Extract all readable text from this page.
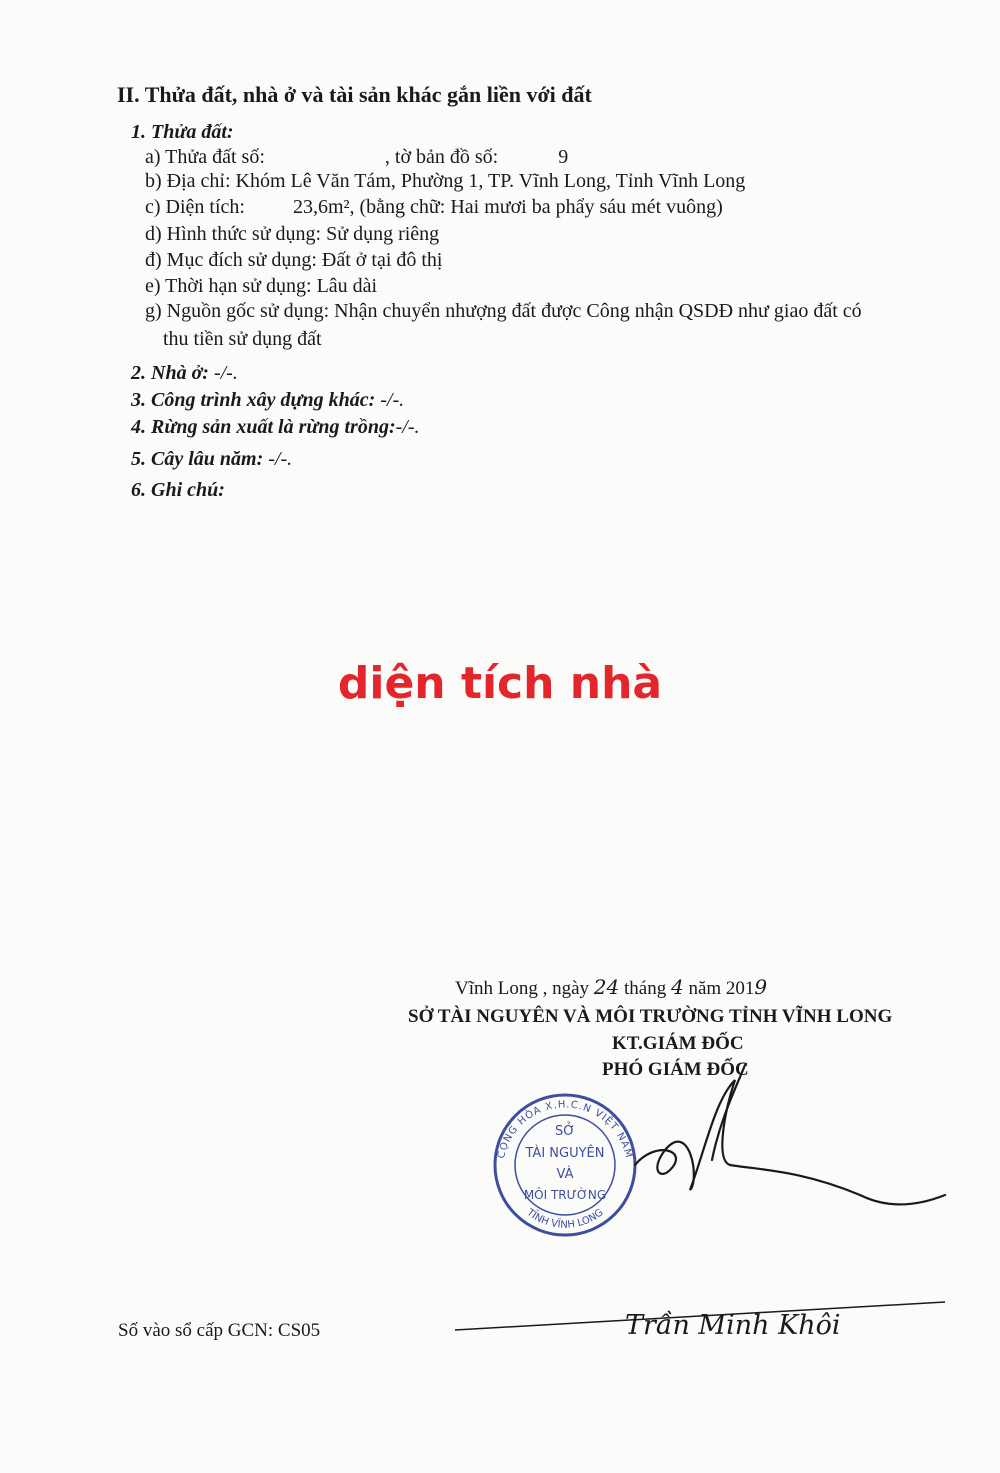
II. Thửa đất, nhà ở và tài sản khác gắn liền với đất
1. Thửa đất:
a) Thửa đất số:	, tờ bản đồ số:	9
b) Địa chỉ: Khóm Lê Văn Tám, Phường 1, TP. Vĩnh Long, Tỉnh Vĩnh Long
c) Diện tích: 23,6m², (bằng chữ: Hai mươi ba phẩy sáu mét vuông)
d) Hình thức sử dụng: Sử dụng riêng
đ) Mục đích sử dụng: Đất ở tại đô thị
e) Thời hạn sử dụng: Lâu dài
g) Nguồn gốc sử dụng: Nhận chuyển nhượng đất được Công nhận QSDĐ như giao đất có
thu tiền sử dụng đất
2. Nhà ở: -/-.
3. Công trình xây dựng khác: -/-.
4. Rừng sản xuất là rừng trồng:-/-.
5. Cây lâu năm: -/-.
6. Ghi chú:
diện tích nhà
Vĩnh Long , ngày 24 tháng 4 năm 2019
SỞ TÀI NGUYÊN VÀ MÔI TRƯỜNG TỈNH VĨNH LONG
KT.GIÁM ĐỐC
PHÓ GIÁM ĐỐC
CỘNG HÒA X.H.C.N VIỆT NAM
TỈNH VĨNH LONG
SỞ
TÀI NGUYÊN
VÀ
MÔI TRƯỜNG
Trần Minh Khôi
Số vào sổ cấp GCN: CS05
